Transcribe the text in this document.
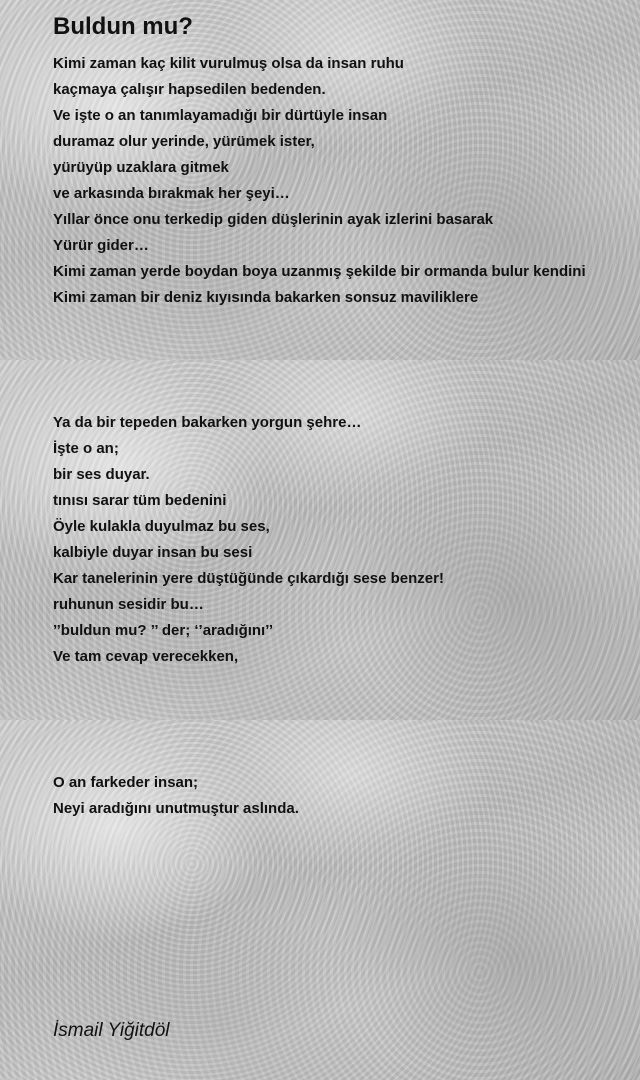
Buldun mu?
Kimi zaman kaç kilit vurulmuş olsa da insan ruhu
kaçmaya çalışır hapsedilen bedenden.
Ve işte o an tanımlayamadığı bir dürtüyle insan
duramaz olur yerinde, yürümek ister,
yürüyüp uzaklara gitmek
ve arkasında bırakmak her şeyi…
Yıllar önce onu terkedip giden düşlerinin ayak izlerini basarak
Yürür gider…
Kimi zaman yerde boydan boya uzanmış şekilde bir ormanda bulur kendini
Kimi zaman bir deniz kıyısında bakarken sonsuz maviliklere
Ya da bir tepeden bakarken yorgun şehre…
İşte o an;
bir ses duyar.
tınısı sarar tüm bedenini
Öyle kulakla duyulmaz bu ses,
kalbiyle duyar insan bu sesi
Kar tanelerinin yere düştüğünde çıkardığı sese benzer!
ruhunun sesidir bu…
’’buldun mu? ’’ der; ‘’aradığını’’
Ve tam cevap verecekken,
O an farkeder insan;
Neyi aradığını unutmuştur aslında.

İsmail Yiğitdöl
